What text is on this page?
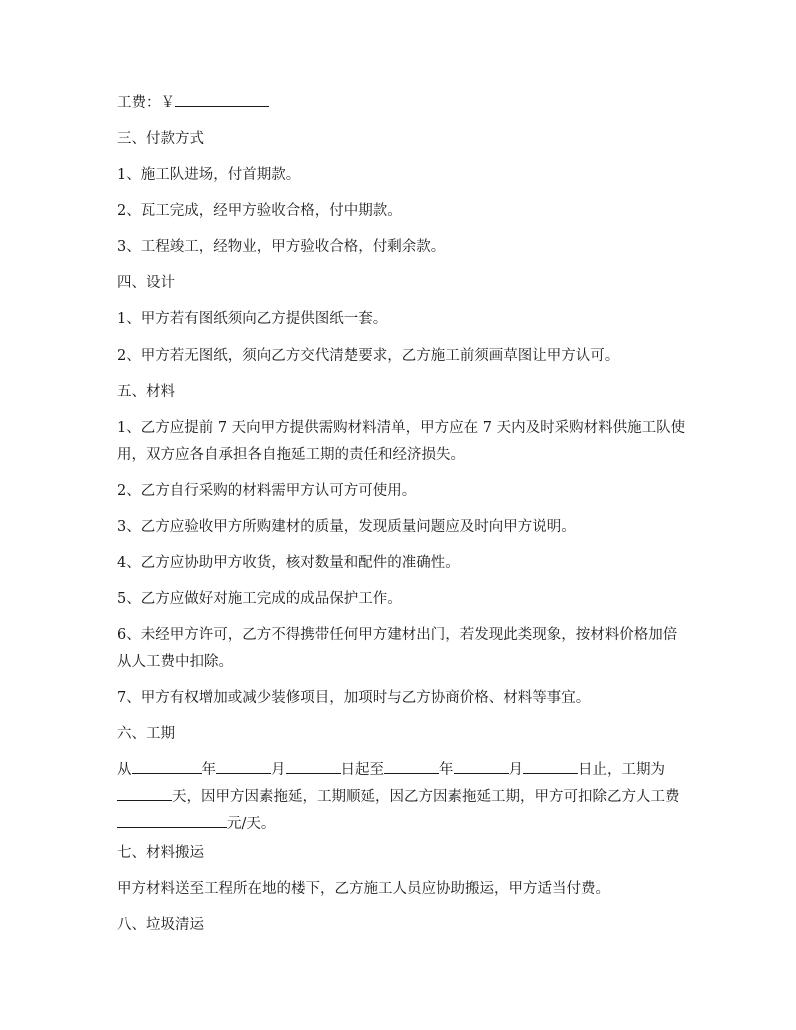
工费：￥

三、付款方式

1、施工队进场，付首期款。

2、瓦工完成，经甲方验收合格，付中期款。

3、工程竣工，经物业，甲方验收合格，付剩余款。

四、设计

1、甲方若有图纸须向乙方提供图纸一套。

2、甲方若无图纸，须向乙方交代清楚要求，乙方施工前须画草图让甲方认可。

五、材料

1、乙方应提前 7 天向甲方提供需购材料清单，甲方应在 7 天内及时采购材料供施工队使用，双方应各自承担各自拖延工期的责任和经济损失。

2、乙方自行采购的材料需甲方认可方可使用。

3、乙方应验收甲方所购建材的质量，发现质量问题应及时向甲方说明。

4、乙方应协助甲方收货，核对数量和配件的准确性。

5、乙方应做好对施工完成的成品保护工作。

6、未经甲方许可，乙方不得携带任何甲方建材出门，若发现此类现象，按材料价格加倍从人工费中扣除。

7、甲方有权增加或减少装修项目，加项时与乙方协商价格、材料等事宜。

六、工期

从	年	月	日起至	年	月	日止，工期为天，因甲方因素拖延，工期顺延，因乙方因素拖延工期，甲方可扣除乙方人工费元/天。

七、材料搬运

甲方材料送至工程所在地的楼下，乙方施工人员应协助搬运，甲方适当付费。

八、垃圾清运
